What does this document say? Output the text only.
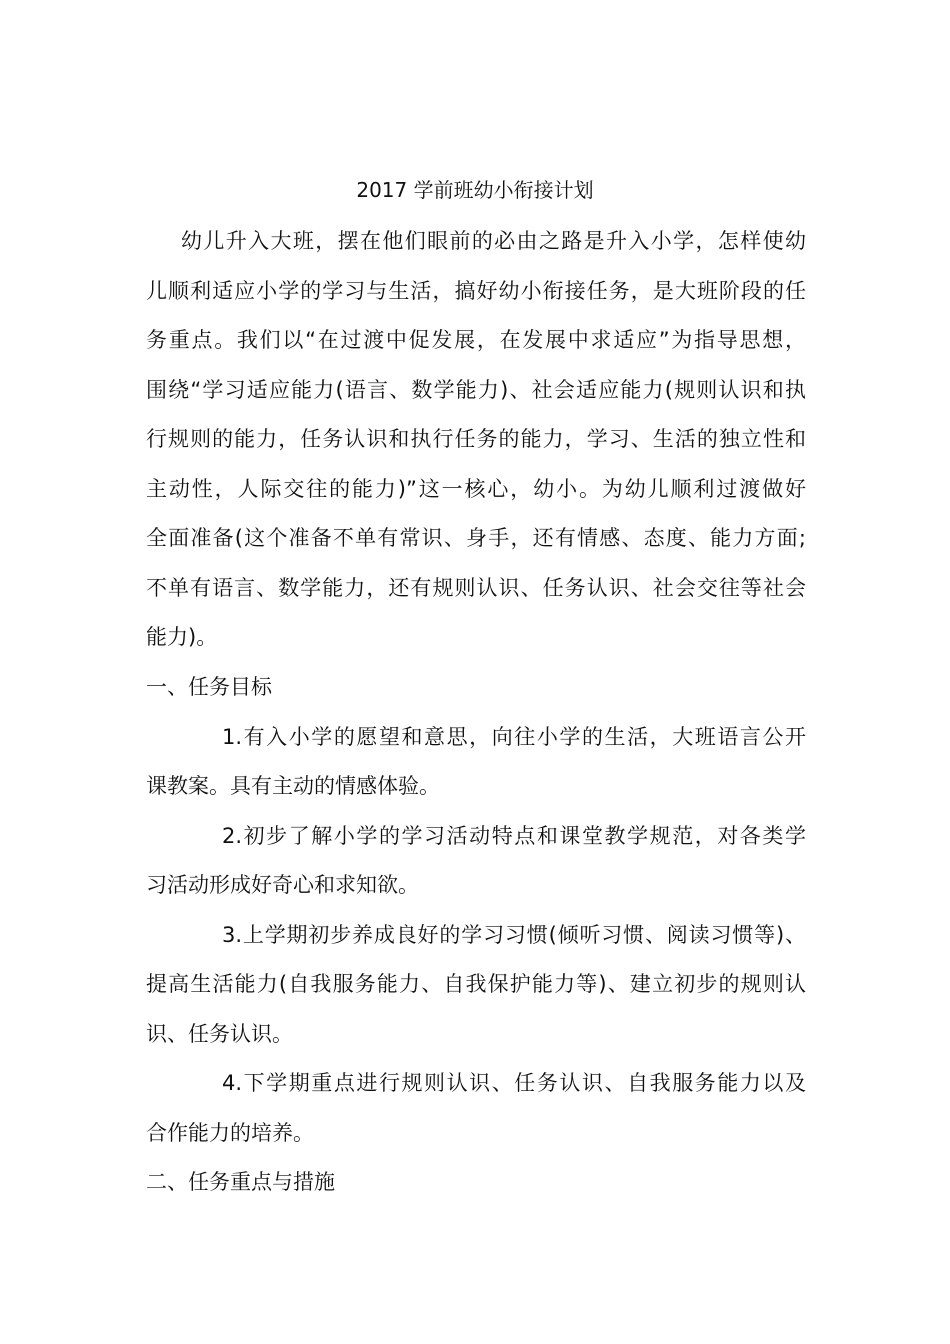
2017 学前班幼小衔接计划
幼儿升入大班，摆在他们眼前的必由之路是升入小学，怎样使幼
儿顺利适应小学的学习与生活，搞好幼小衔接任务，是大班阶段的任
务重点。我们以“在过渡中促发展，在发展中求适应”为指导思想，
围绕“学习适应能力(语言、数学能力)、社会适应能力(规则认识和执
行规则的能力，任务认识和执行任务的能力，学习、生活的独立性和
主动性，人际交往的能力)”这一核心，幼小。为幼儿顺利过渡做好
全面准备(这个准备不单有常识、身手，还有情感、态度、能力方面;
不单有语言、数学能力，还有规则认识、任务认识、社会交往等社会
能力)。
一、任务目标
1.有入小学的愿望和意思，向往小学的生活，大班语言公开
课教案。具有主动的情感体验。
2.初步了解小学的学习活动特点和课堂教学规范，对各类学
习活动形成好奇心和求知欲。
3.上学期初步养成良好的学习习惯(倾听习惯、阅读习惯等)、
提高生活能力(自我服务能力、自我保护能力等)、建立初步的规则认
识、任务认识。
4.下学期重点进行规则认识、任务认识、自我服务能力以及
合作能力的培养。
二、任务重点与措施
